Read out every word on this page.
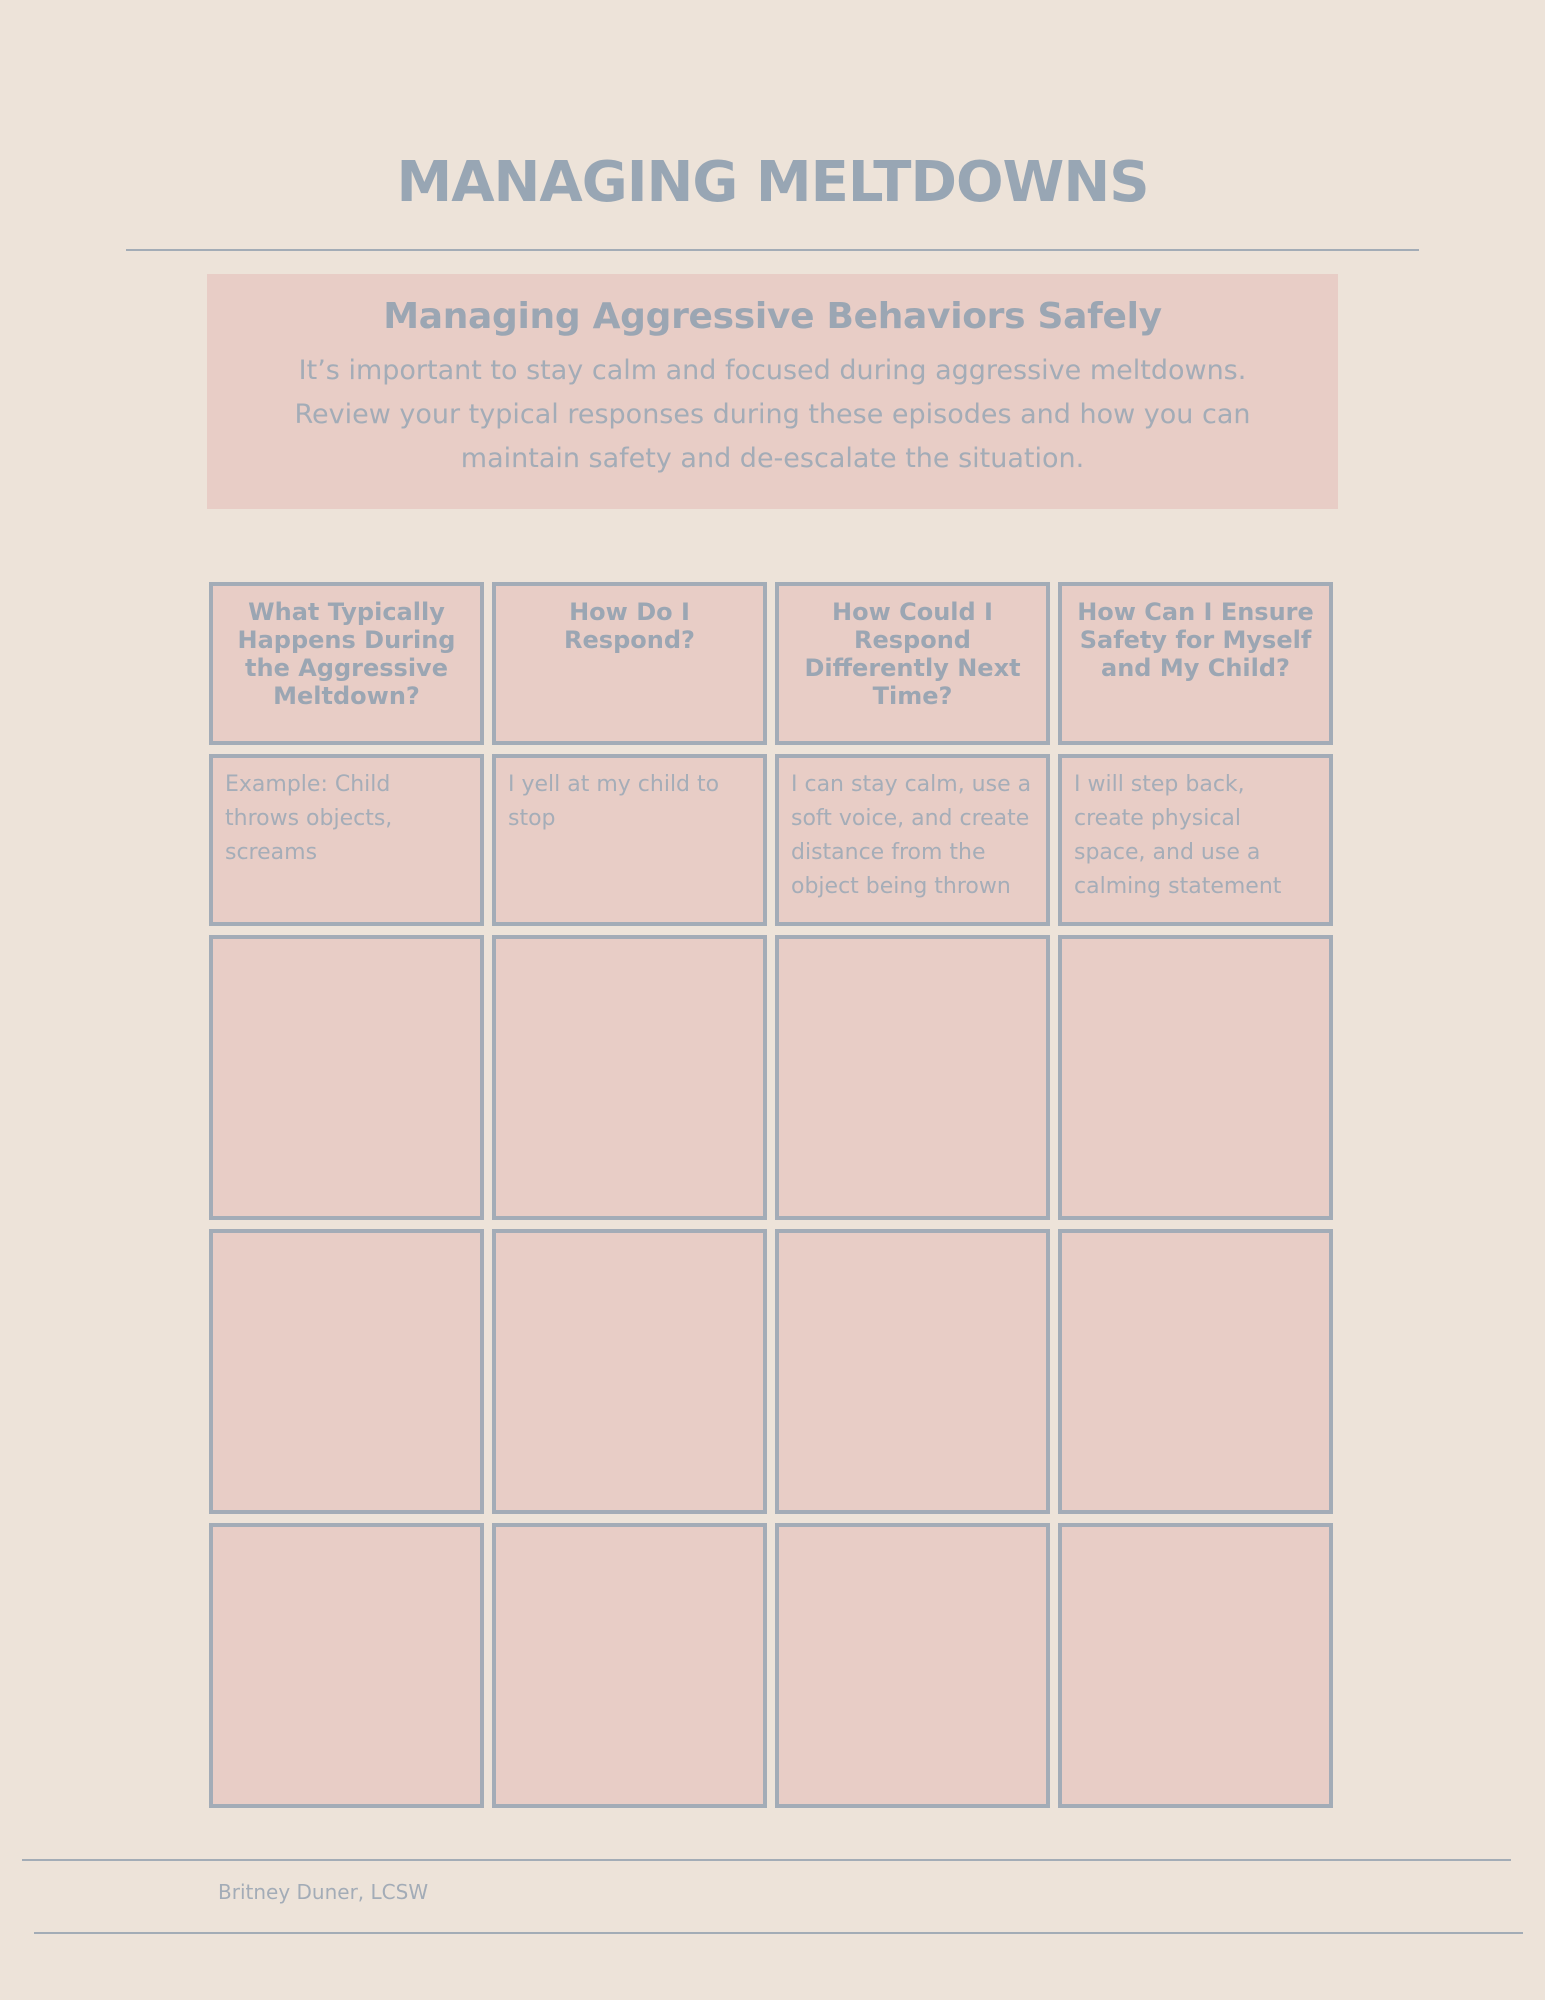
MANAGING MELTDOWNS
Managing Aggressive Behaviors Safely

It’s important to stay calm and focused during aggressive meltdowns. Review your typical responses during these episodes and how you can maintain safety and de-escalate the situation.

What Typically Happens During the Aggressive Meltdown?
How Do I Respond?
How Could I Respond Differently Next Time?
How Can I Ensure Safety for Myself and My Child?
Example: Child throws objects, screams
I yell at my child to stop
I can stay calm, use a soft voice, and create distance from the object being thrown
I will step back, create physical space, and use a calming statement
Britney Duner, LCSW
